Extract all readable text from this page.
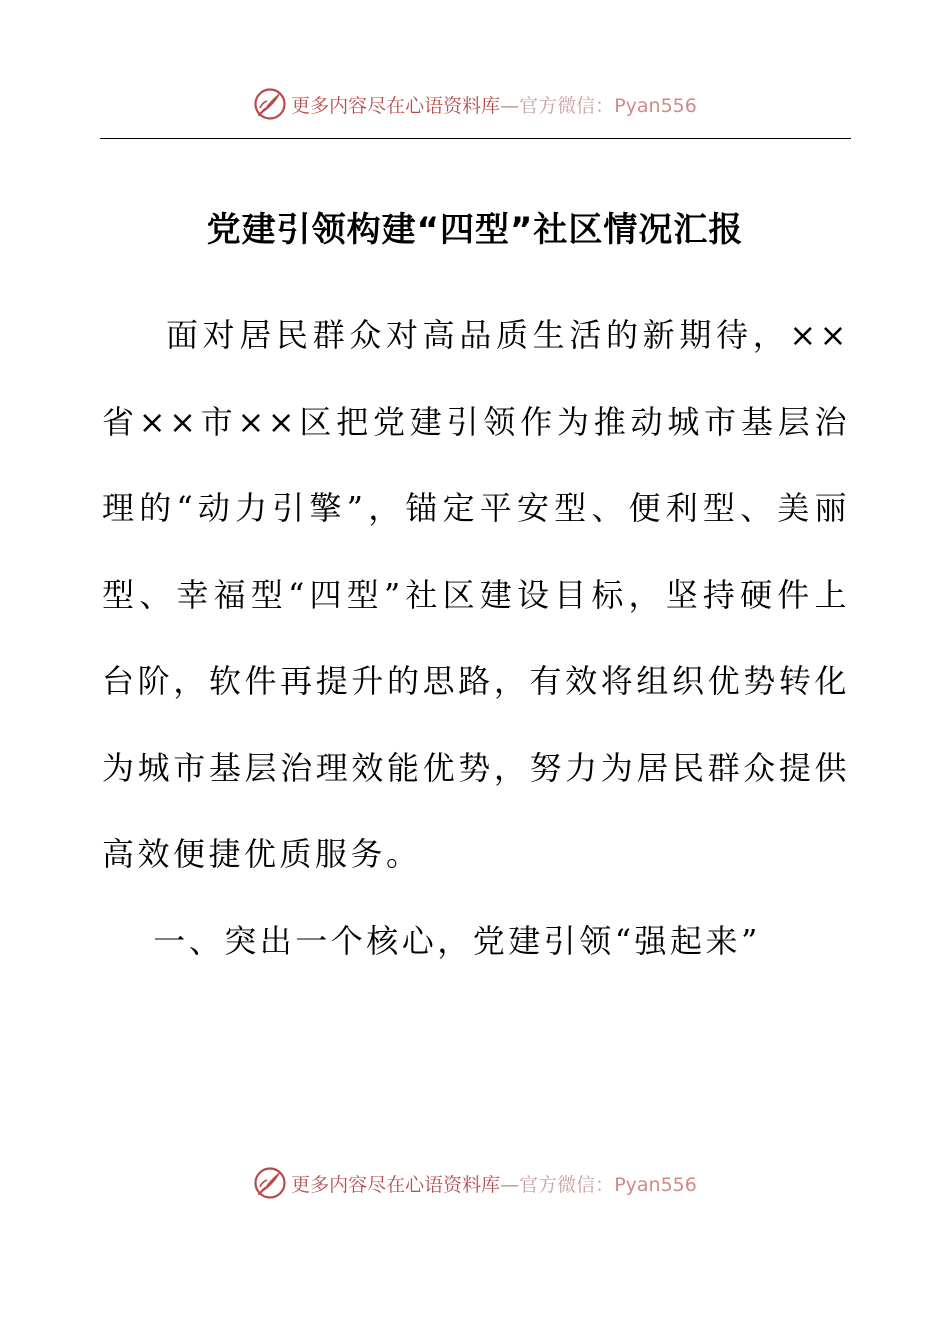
更多内容尽在心语资料库—官方微信：Pyan556
党建引领构建“四型”社区情况汇报

面对居民群众对高品质生活的新期待，××省××市××区把党建引领作为推动城市基层治理的“动力引擎”，锚定平安型、便利型、美丽型、幸福型“四型”社区建设目标，坚持硬件上台阶，软件再提升的思路，有效将组织优势转化为城市基层治理效能优势，努力为居民群众提供高效便捷优质服务。

一、突出一个核心，党建引领“强起来”

更多内容尽在心语资料库—官方微信：Pyan556
